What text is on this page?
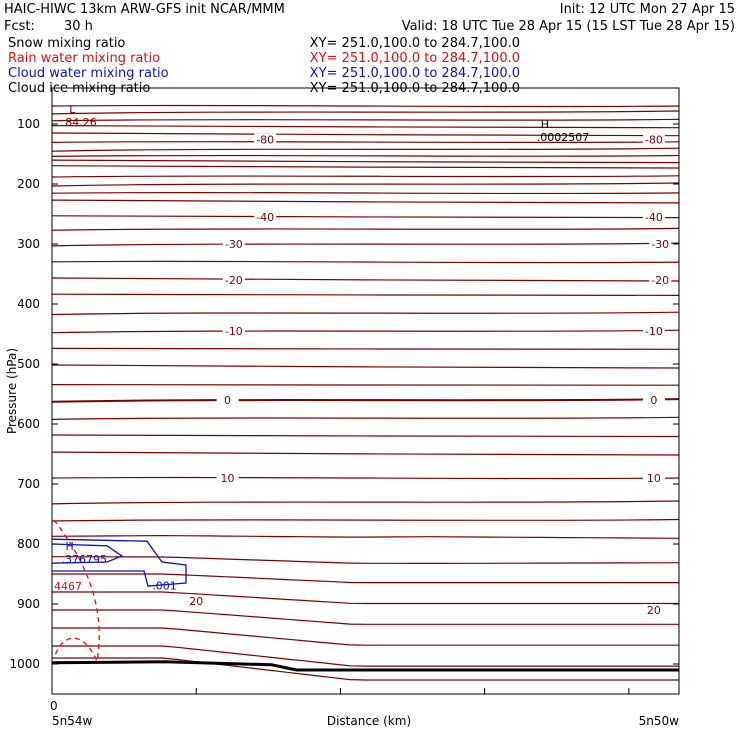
HAIC-HIWC 13km ARW-GFS init NCAR/MMM	Init: 12 UTC Mon 27 Apr 15
Fcst: 30 h	Valid: 18 UTC Tue 28 Apr 15 (15 LST Tue 28 Apr 15)
Snow mixing ratio	XY= 251.0,100.0 to 284.7,100.0
Rain water mixing ratio	XY= 251.0,100.0 to 284.7,100.0
Cloud water mixing ratio	XY= 251.0,100.0 to 284.7,100.0
Cloud ice mixing ratio	XY= 251.0,100.0 to 284.7,100.0
-80	-80
-40	-40
-30	-30
-20	-20
-10	-10
0	0
10	10
20
20
L
84.26	H
.0002507
H
.376795
4467	.001
100
200
300
400
500
600
700
800
900
1000
0
5n54w	5n50w
Distance (km)
Pressure (hPa)
